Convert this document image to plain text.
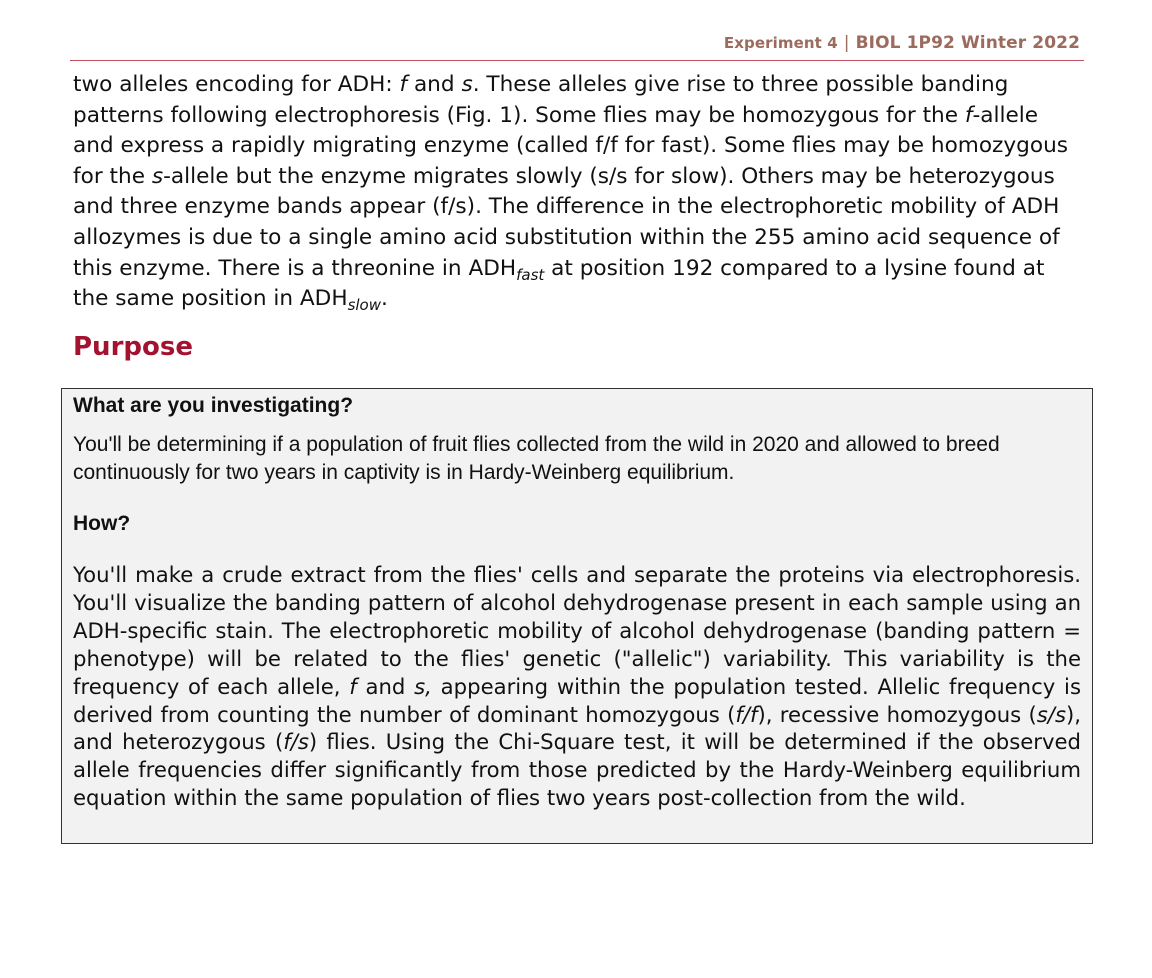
Experiment 4 | BIOL 1P92 Winter 2022

two alleles encoding for ADH: f and s. These alleles give rise to three possible banding patterns following electrophoresis (Fig. 1). Some flies may be homozygous for the f-allele and express a rapidly migrating enzyme (called f/f for fast). Some flies may be homozygous for the s-allele but the enzyme migrates slowly (s/s for slow). Others may be heterozygous and three enzyme bands appear (f/s). The difference in the electrophoretic mobility of ADH allozymes is due to a single amino acid substitution within the 255 amino acid sequence of this enzyme. There is a threonine in $ADH_{fast}$ at position 192 compared to a lysine found at the same position in $ADH_{slow}$.

Purpose

What are you investigating?

You'll be determining if a population of fruit flies collected from the wild in 2020 and allowed to breed continuously for two years in captivity is in Hardy-Weinberg equilibrium.

How?

You'll make a crude extract from the flies' cells and separate the proteins via electrophoresis. You'll visualize the banding pattern of alcohol dehydrogenase present in each sample using an ADH-specific stain. The electrophoretic mobility of alcohol dehydrogenase (banding pattern = phenotype) will be related to the flies' genetic ("allelic") variability. This variability is the frequency of each allele, f and s, appearing within the population tested. Allelic frequency is derived from counting the number of dominant homozygous (f/f), recessive homozygous (s/s), and heterozygous (f/s) flies. Using the Chi-Square test, it will be determined if the observed allele frequencies differ significantly from those predicted by the Hardy-Weinberg equilibrium equation within the same population of flies two years post-collection from the wild.
